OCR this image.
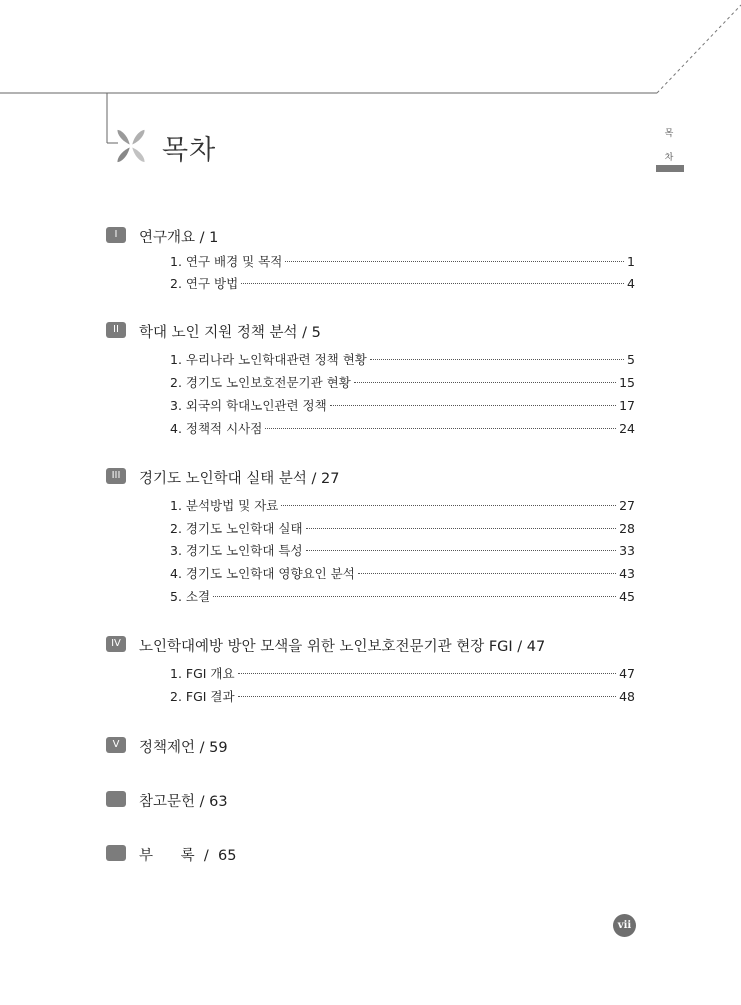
목차
목
차
I	연구개요 / 1
1. 연구 배경 및 목적	1
2. 연구 방법	4
II	학대 노인 지원 정책 분석 / 5
1. 우리나라 노인학대관련 정책 현황	5
2. 경기도 노인보호전문기관 현황	15
3. 외국의 학대노인관련 정책	17
4. 정책적 시사점	24
III	경기도 노인학대 실태 분석 / 27
1. 분석방법 및 자료	27
2. 경기도 노인학대 실태	28
3. 경기도 노인학대 특성	33
4. 경기도 노인학대 영향요인 분석	43
5. 소결	45
IV	노인학대예방 방안 모색을 위한 노인보호전문기관 현장 FGI / 47
1. FGI 개요	47
2. FGI 결과	48
V	정책제언 / 59
참고문헌 / 63
부      록  /  65
vii
